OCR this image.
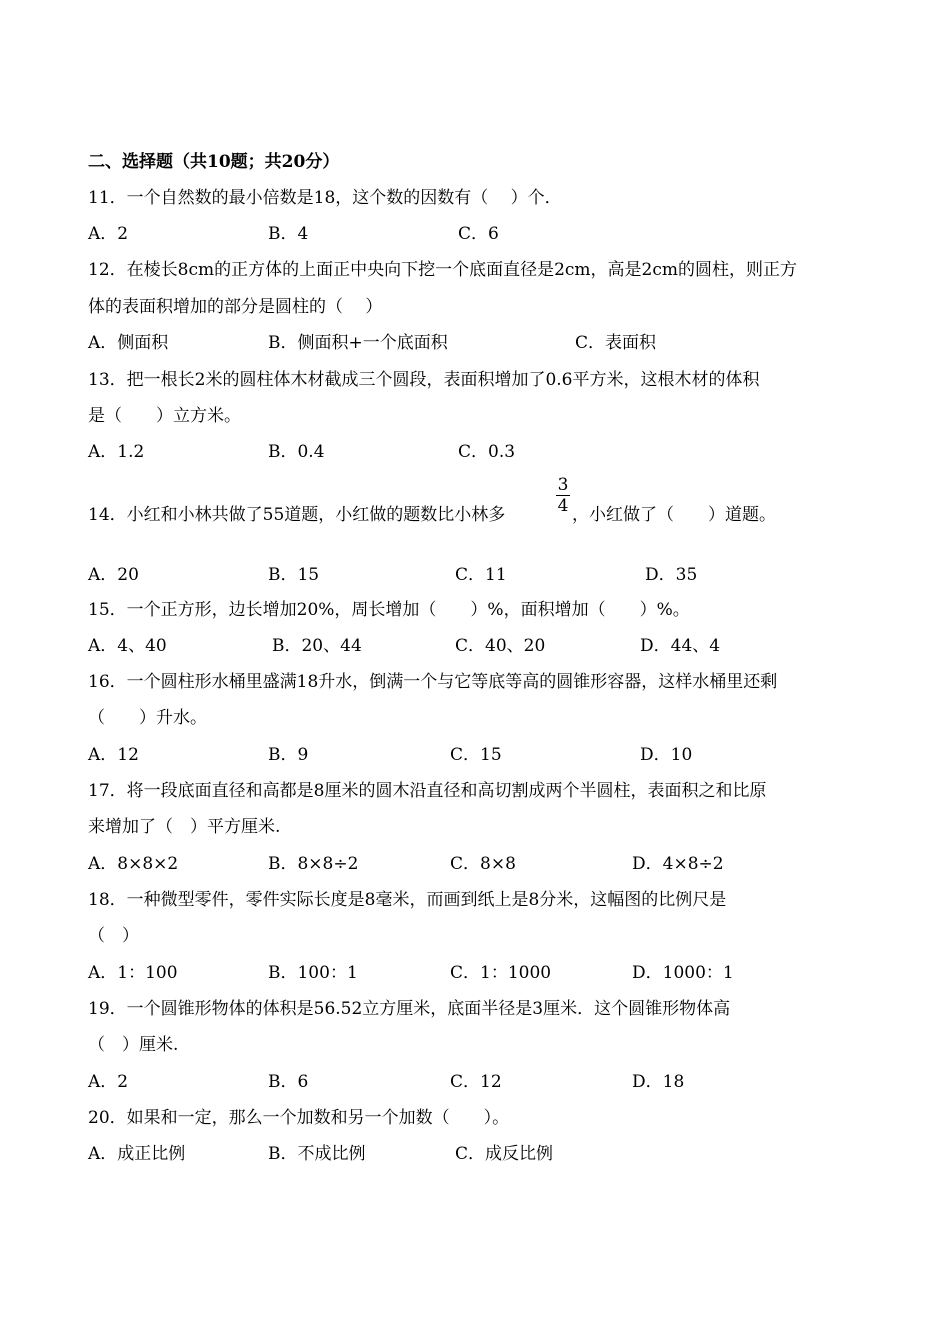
二、选择题（共10题；共20分）
11．一个自然数的最小倍数是18，这个数的因数有（　 ）个．
A．2	B．4	C．6
12．在棱长8cm的正方体的上面正中央向下挖一个底面直径是2cm，高是2cm的圆柱，则正方
体的表面积增加的部分是圆柱的（　 ）
A．侧面积	B．侧面积+一个底面积	C．表面积
13．把一根长2米的圆柱体木材截成三个圆段，表面积增加了0.6平方米，这根木材的体积
是（　　）立方米。
A．1.2	B．0.4	C．0.3
14．小红和小林共做了55道题，小红做的题数比小林多
3
4 ，小红做了（　　）道题。
A．20	B．15	C．11	D．35
15．一个正方形，边长增加20%，周长增加（　　）%，面积增加（　　）%。
A．4、40	B．20、44	C．40、20	D．44、4
16．一个圆柱形水桶里盛满18升水，倒满一个与它等底等高的圆锥形容器，这样水桶里还剩
（　　）升水。
A．12	B．9	C．15	D．10
17．将一段底面直径和高都是8厘米的圆木沿直径和高切割成两个半圆柱，表面积之和比原
来增加了（　）平方厘米.
A．8×8×2	B．8×8÷2	C．8×8	D．4×8÷2
18．一种微型零件，零件实际长度是8毫米，而画到纸上是8分米，这幅图的比例尺是
（　）
A．1：100	B．100：1	C．1：1000	D．1000：1
19．一个圆锥形物体的体积是56.52立方厘米，底面半径是3厘米．这个圆锥形物体高
（　）厘米.
A．2	B．6	C．12	D．18
20．如果和一定，那么一个加数和另一个加数（　　）。
A．成正比例	B．不成比例	C．成反比例
